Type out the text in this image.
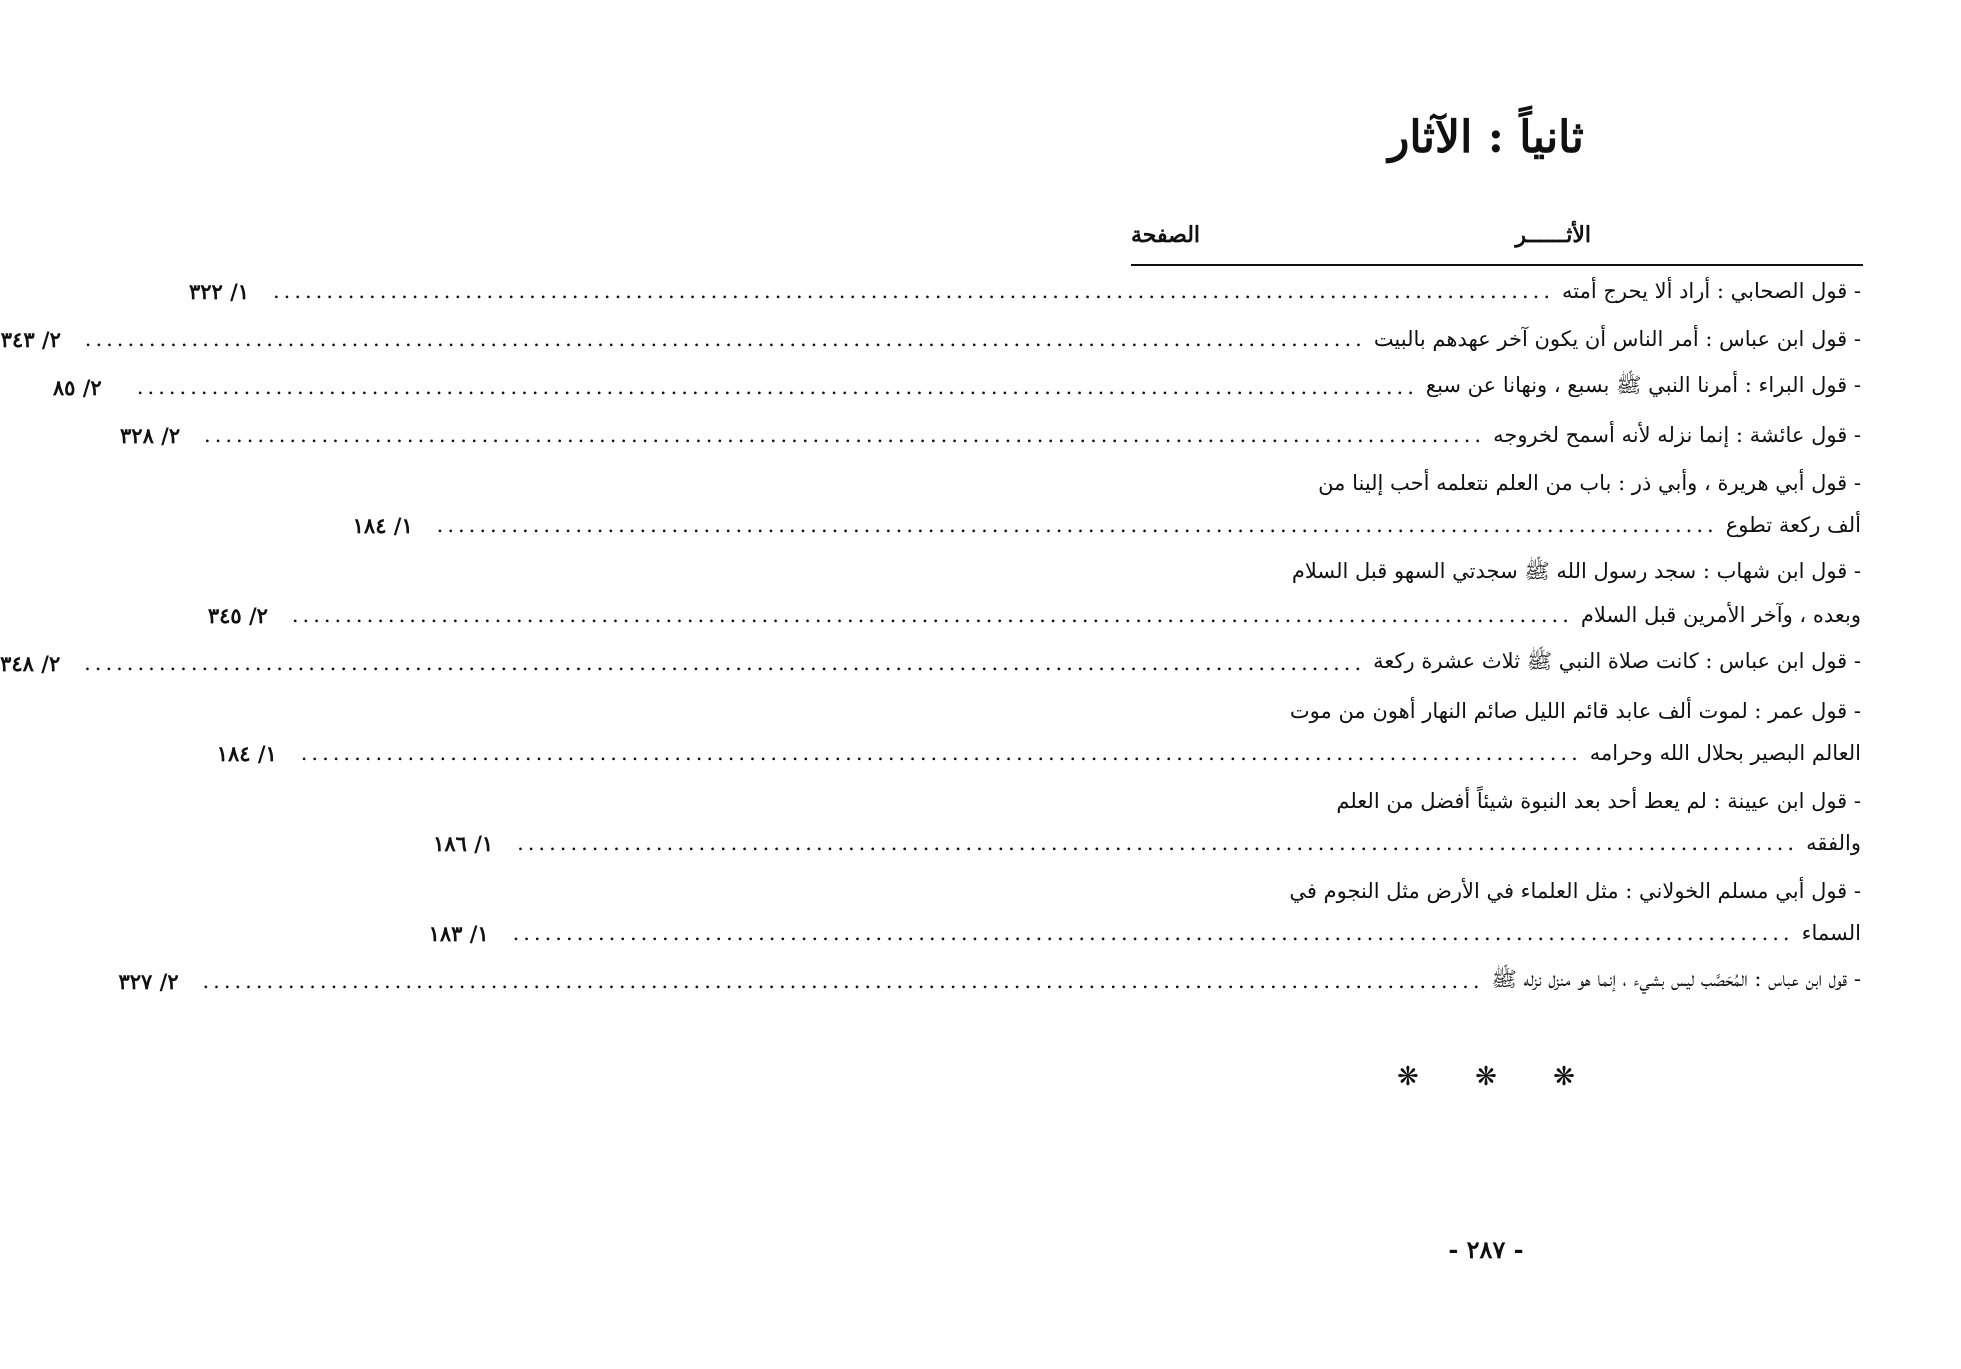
ثانياً : الآثار
الأثــــــر
الصفحة
- قول الصحابي : أراد ألا يحرج أمته
........................................................................................................................
١/ ٣٢٢
- قول ابن عباس : أمر الناس أن يكون آخر عهدهم بالبيت
........................................................................................................................
٢/ ٣٤٣
- قول البراء : أمرنا النبي ﷺ بسبع ، ونهانا عن سبع
........................................................................................................................
٢/ ٨٥
- قول عائشة : إنما نزله لأنه أسمح لخروجه
........................................................................................................................
٢/ ٣٢٨
- قول أبي هريرة ، وأبي ذر : باب من العلم نتعلمه أحب إلينا من
ألف ركعة تطوع
........................................................................................................................
١/ ١٨٤
- قول ابن شهاب : سجد رسول الله ﷺ سجدتي السهو قبل السلام
وبعده ، وآخر الأمرين قبل السلام
........................................................................................................................
٢/ ٣٤٥
- قول ابن عباس : كانت صلاة النبي ﷺ ثلاث عشرة ركعة
........................................................................................................................
٢/ ٣٤٨
- قول عمر : لموت ألف عابد قائم الليل صائم النهار أهون من موت
العالم البصير بحلال الله وحرامه
........................................................................................................................
١/ ١٨٤
- قول ابن عيينة : لم يعط أحد بعد النبوة شيئاً أفضل من العلم
والفقه
........................................................................................................................
١/ ١٨٦
- قول أبي مسلم الخولاني : مثل العلماء في الأرض مثل النجوم في
السماء
........................................................................................................................
١/ ١٨٣
- قول ابن عباس : المُحَصَّب ليس بشيء ، إنما هو منزل نزله ﷺ
........................................................................................................................
٢/ ٣٢٧
❋ ❋ ❋
- ٢٨٧ -
